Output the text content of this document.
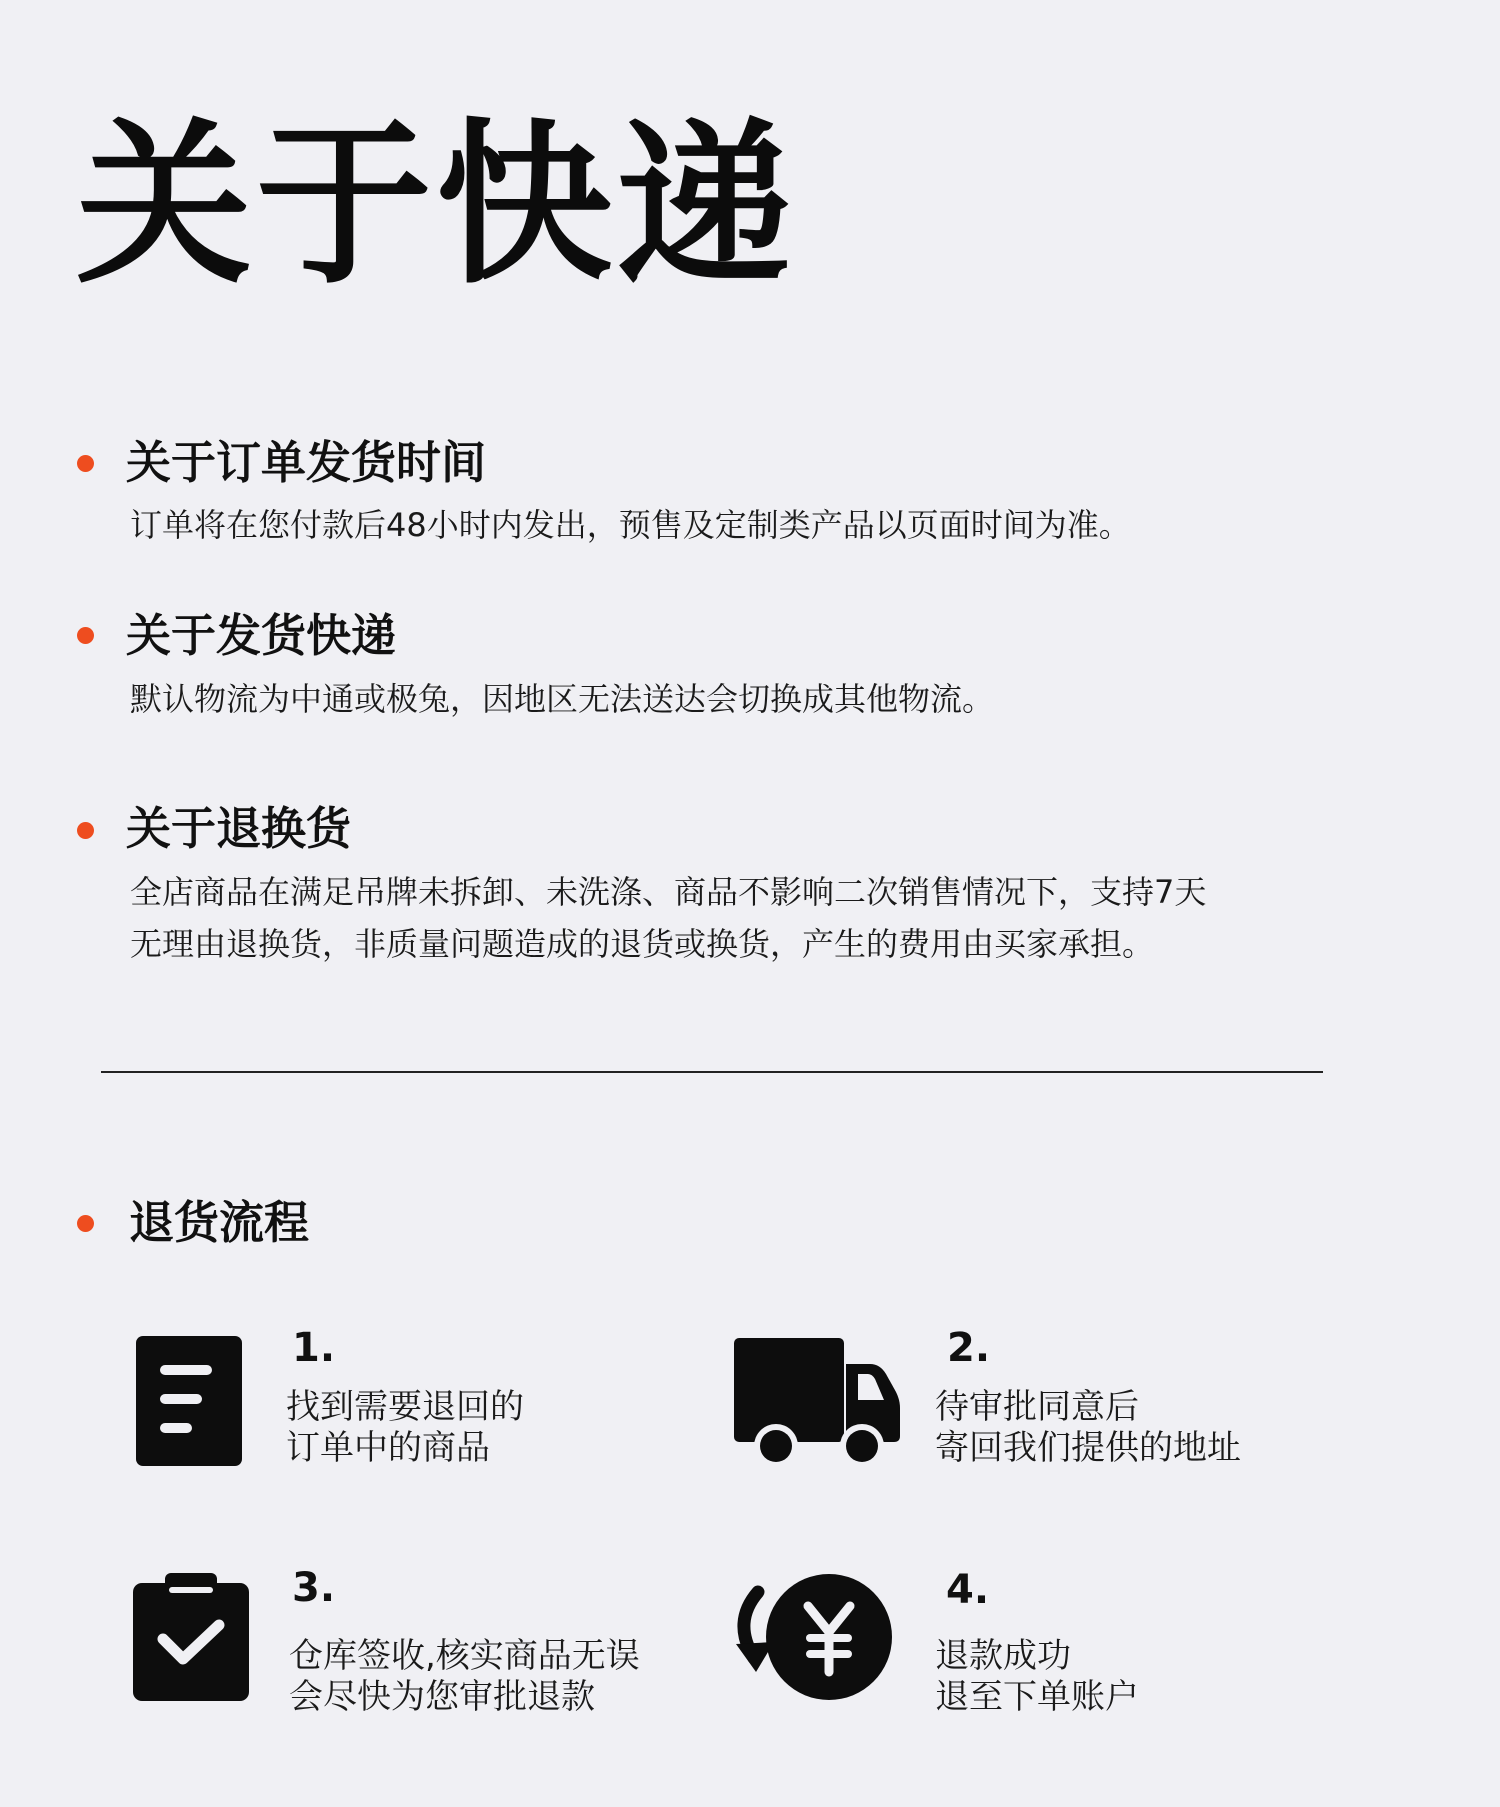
关于快递
关于订单发货时间
订单将在您付款后48小时内发出，预售及定制类产品以页面时间为准。
关于发货快递
默认物流为中通或极兔，因地区无法送达会切换成其他物流。
关于退换货
全店商品在满足吊牌未拆卸、未洗涤、商品不影响二次销售情况下，支持7天
无理由退换货，非质量问题造成的退货或换货，产生的费用由买家承担。
退货流程
1.
找到需要退回的
订单中的商品
2.
待审批同意后
寄回我们提供的地址
3.
仓库签收,核实商品无误
会尽快为您审批退款
4.
退款成功
退至下单账户
